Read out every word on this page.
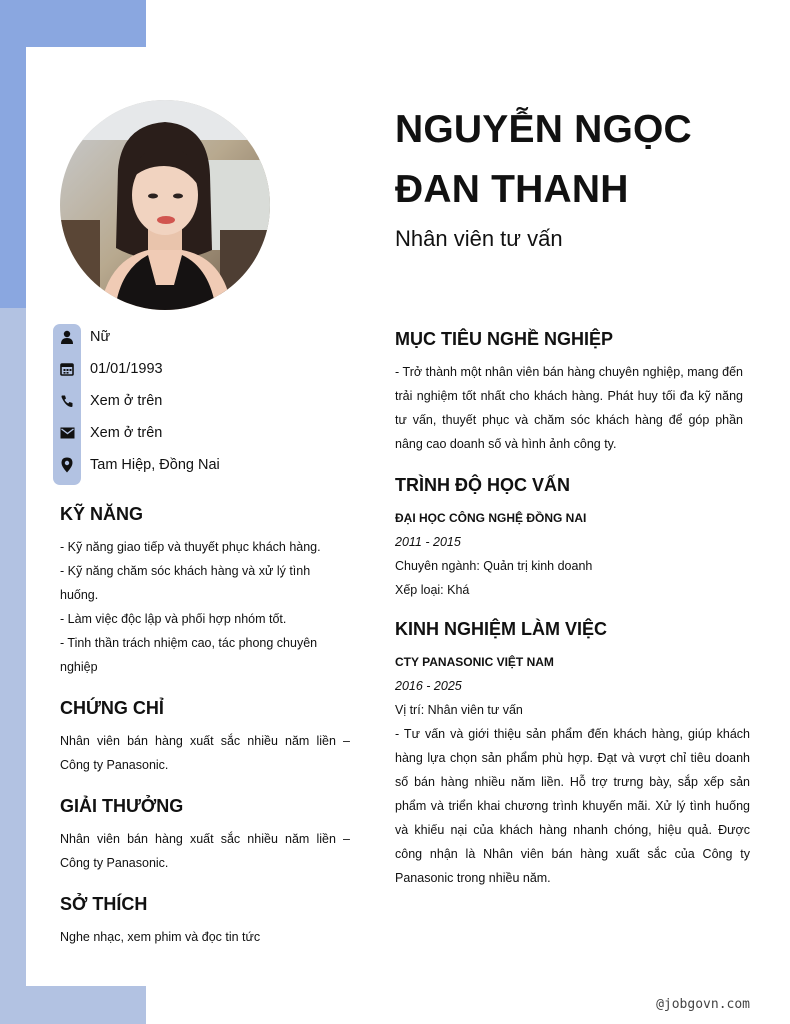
NGUYỄN NGỌC
ĐAN THANH
Nhân viên tư vấn
Nữ
01/01/1993
Xem ở trên
Xem ở trên
Tam Hiệp, Đồng Nai
KỸ NĂNG
- Kỹ năng giao tiếp và thuyết phục khách hàng.
- Kỹ năng chăm sóc khách hàng và xử lý tình huống.
- Làm việc độc lập và phối hợp nhóm tốt.
- Tinh thần trách nhiệm cao, tác phong chuyên nghiệp
CHỨNG CHỈ
Nhân viên bán hàng xuất sắc nhiều năm liền – Công ty Panasonic.
GIẢI THƯỞNG
Nhân viên bán hàng xuất sắc nhiều năm liền – Công ty Panasonic.
SỞ THÍCH
Nghe nhạc, xem phim và đọc tin tức
MỤC TIÊU NGHỀ NGHIỆP
- Trở thành một nhân viên bán hàng chuyên nghiệp, mang đến trải nghiệm tốt nhất cho khách hàng. Phát huy tối đa kỹ năng tư vấn, thuyết phục và chăm sóc khách hàng để góp phần nâng cao doanh số và hình ảnh công ty.
TRÌNH ĐỘ HỌC VẤN
ĐẠI HỌC CÔNG NGHỆ ĐỒNG NAI
2011 - 2015
Chuyên ngành: Quản trị kinh doanh
Xếp loại: Khá
KINH NGHIỆM LÀM VIỆC
CTY PANASONIC VIỆT NAM
2016 - 2025
Vị trí: Nhân viên tư vấn
- Tư vấn và giới thiệu sản phẩm đến khách hàng, giúp khách hàng lựa chọn sản phẩm phù hợp. Đạt và vượt chỉ tiêu doanh số bán hàng nhiều năm liền. Hỗ trợ trưng bày, sắp xếp sản phẩm và triển khai chương trình khuyến mãi. Xử lý tình huống và khiếu nại của khách hàng nhanh chóng, hiệu quả. Được công nhận là Nhân viên bán hàng xuất sắc của Công ty Panasonic trong nhiều năm.
@jobgovn.com
